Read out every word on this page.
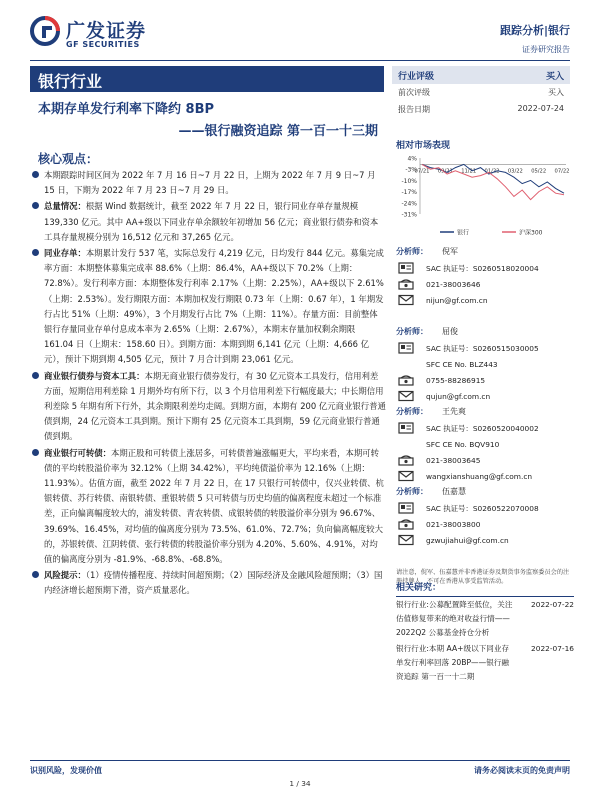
广发证券
GF SECURITIES
跟踪分析|银行
证券研究报告
银行行业
本期存单发行利率下降约 8BP
——银行融资追踪 第一百一十三期
行业评级	买入
前次评级	买入
报告日期	2022-07-24
相对市场表现
4%
-3%
-10%
-17%
-24%
-31%
07/21 09/21 11/21 01/22 03/22 05/22 07/22
银行	沪深300
核心观点：
本期跟踪时间区间为 2022 年 7 月 16 日~7 月 22 日，上期为 2022 年 7 月 9 日~7 月 15 日，下期为 2022 年 7 月 23 日~7 月 29 日。
总量情况：根据 Wind 数据统计，截至 2022 年 7 月 22 日，银行同业存单存量规模 139,330 亿元。其中 AA+级以下同业存单余额较年初增加 56 亿元；商业银行债券和资本工具存量规模分别为 16,512 亿元和 37,265 亿元。
同业存单：本期累计发行 537 笔，实际总发行 4,219 亿元，日均发行 844 亿元。募集完成率方面：本期整体募集完成率 88.6%（上期：86.4%，AA+级以下 70.2%（上期：72.8%）。发行利率方面：本期整体发行利率 2.17%（上期：2.25%），AA+级以下 2.61%（上期：2.53%）。发行期限方面：本期加权发行期限 0.73 年（上期：0.67 年），1 年期发行占比 51%（上期：49%），3 个月期发行占比 7%（上期：11%）。存量方面：目前整体银行存量同业存单付息成本率为 2.65%（上期：2.67%），本期末存量加权剩余期限 161.04 日（上期末：158.60 日）。到期方面：本期到期 6,141 亿元（上期：4,666 亿元），预计下期到期 4,505 亿元，预计 7 月合计到期 23,061 亿元。
商业银行债券与资本工具：本期无商业银行债券发行，有 30 亿元资本工具发行，信用利差方面，短期信用利差除 1 月期外均有所下行，以 3 个月信用利差下行幅度最大；中长期信用利差除 5 年期有所下行外，其余期限利差均走阔。到期方面，本期有 200 亿元商业银行普通债到期，24 亿元资本工具到期。预计下期有 25 亿元资本工具到期，59 亿元商业银行普通债到期。
商业银行可转债：本期正股和可转债上涨居多，可转债普遍涨幅更大，平均来看，本期可转债的平均转股溢价率为 32.12%（上期 34.42%），平均纯债溢价率为 12.16%（上期：11.93%）。估值方面，截至 2022 年 7 月 22 日，在 17 只银行可转债中，仅兴业转债、杭银转债、苏行转债、南银转债、重银转债 5 只可转债与历史均值的偏离程度未超过一个标准差，正向偏离幅度较大的，浦发转债、青农转债、成银转债的转股溢价率分别为 96.67%、39.69%、16.45%，对均值的偏离度分别为 73.5%、61.0%、72.7%；负向偏离幅度较大的，苏银转债、江阴转债、张行转债的转股溢价率分别为 4.20%、5.60%、4.91%，对均值的偏离度分别为 -81.9%、-68.8%、-68.8%。
风险提示：（1）疫情传播程度、持续时间超预期；（2）国际经济及金融风险超预期；（3）国内经济增长超预期下滑，资产质量恶化。
分析师： 倪军
SAC 执证号：S0260518020004
021-38003646
nijun@gf.com.cn
分析师： 屈俊
SAC 执证号：S0260515030005
SFC CE No. BLZ443
0755-88286915
qujun@gf.com.cn
分析师： 王先爽
SAC 执证号：S0260520040002
SFC CE No. BQV910
021-38003645
wangxianshuang@gf.com.cn
分析师： 伍嘉慧
SAC 执证号：S0260522070008
021-38003800
gzwujiahui@gf.com.cn
请注意，倪军、伍嘉慧并非香港证券及期货事务监察委员会的注册持牌人，不可在香港从事受监管活动。
相关研究：
银行行业:公募配置降至低位，关注估值修复带来的绝对收益行情——2022Q2 公募基金持仓分析
2022-07-22
银行行业:本期 AA+级以下同业存单发行利率回落 20BP——银行融资追踪 第一百一十二期
2022-07-16
识别风险，发现价值	请务必阅读末页的免责声明
1 / 34
